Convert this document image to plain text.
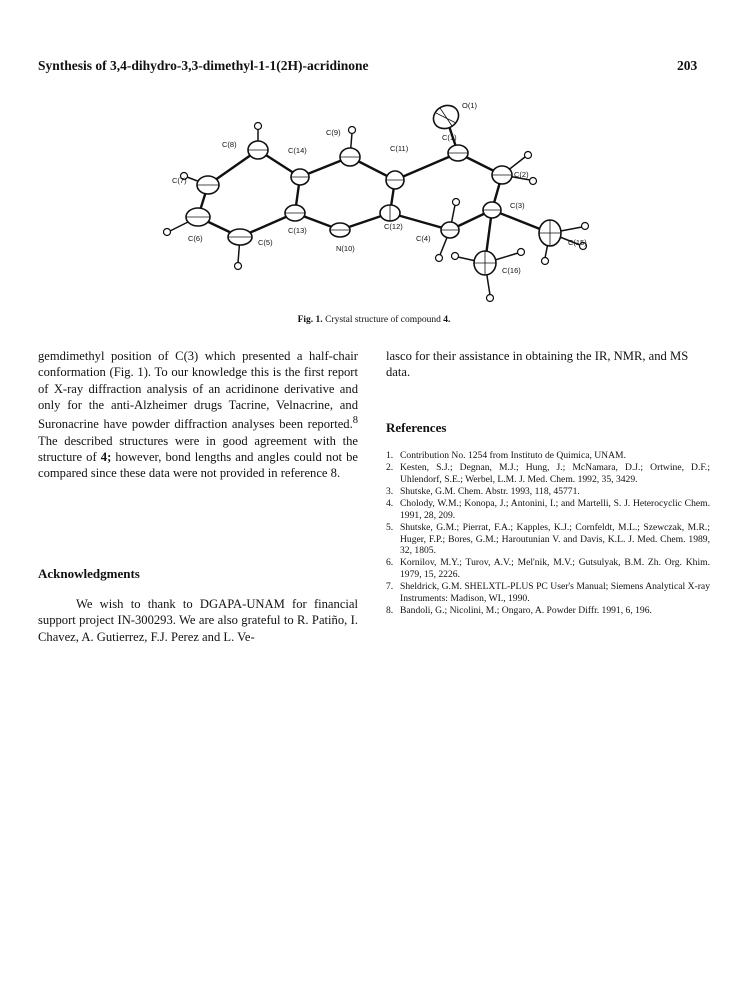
Synthesis of 3,4-dihydro-3,3-dimethyl-1-1(2H)-acridinone	203
O(1)
C(1)
C(2)
C(3)
C(4)
C(5)
C(6)
C(7)
C(8)
C(9)
N(10)
C(11)
C(12)
C(13)
C(14)
C(15)
C(16)
Fig. 1. Crystal structure of compound 4.

gemdimethyl position of C(3) which presented a half-chair conformation (Fig. 1). To our knowledge this is the first report of X-ray diffraction analysis of an acridinone derivative and only for the anti-Alzheimer drugs Tacrine, Velnacrine, and Suronacrine have powder diffraction analyses been reported.$^8$ The described structures were in good agreement with the structure of 4; however, bond lengths and angles could not be compared since these data were not provided in reference 8.

Acknowledgments
We wish to thank to DGAPA-UNAM for financial support project IN-300293. We are also grateful to R. Patiño, I. Chavez, A. Gutierrez, F.J. Perez and L. Ve-

lasco for their assistance in obtaining the IR, NMR, and MS data.

References
1. Contribution No. 1254 from Instituto de Quimica, UNAM.
2. Kesten, S.J.; Degnan, M.J.; Hung, J.; McNamara, D.J.; Ortwine, D.F.; Uhlendorf, S.E.; Werbel, L.M. J. Med. Chem. 1992, 35, 3429.
3. Shutske, G.M. Chem. Abstr. 1993, 118, 45771.
4. Cholody, W.M.; Konopa, J.; Antonini, I.; and Martelli, S. J. Heterocyclic Chem. 1991, 28, 209.
5. Shutske, G.M.; Pierrat, F.A.; Kapples, K.J.; Cornfeldt, M.L.; Szewczak, M.R.; Huger, F.P.; Bores, G.M.; Haroutunian V. and Davis, K.L. J. Med. Chem. 1989, 32, 1805.
6. Kornilov, M.Y.; Turov, A.V.; Mel'nik, M.V.; Gutsulyak, B.M. Zh. Org. Khim. 1979, 15, 2226.
7. Sheldrick, G.M. SHELXTL-PLUS PC User's Manual; Siemens Analytical X-ray Instruments: Madison, WI., 1990.
8. Bandoli, G.; Nicolini, M.; Ongaro, A. Powder Diffr. 1991, 6, 196.
